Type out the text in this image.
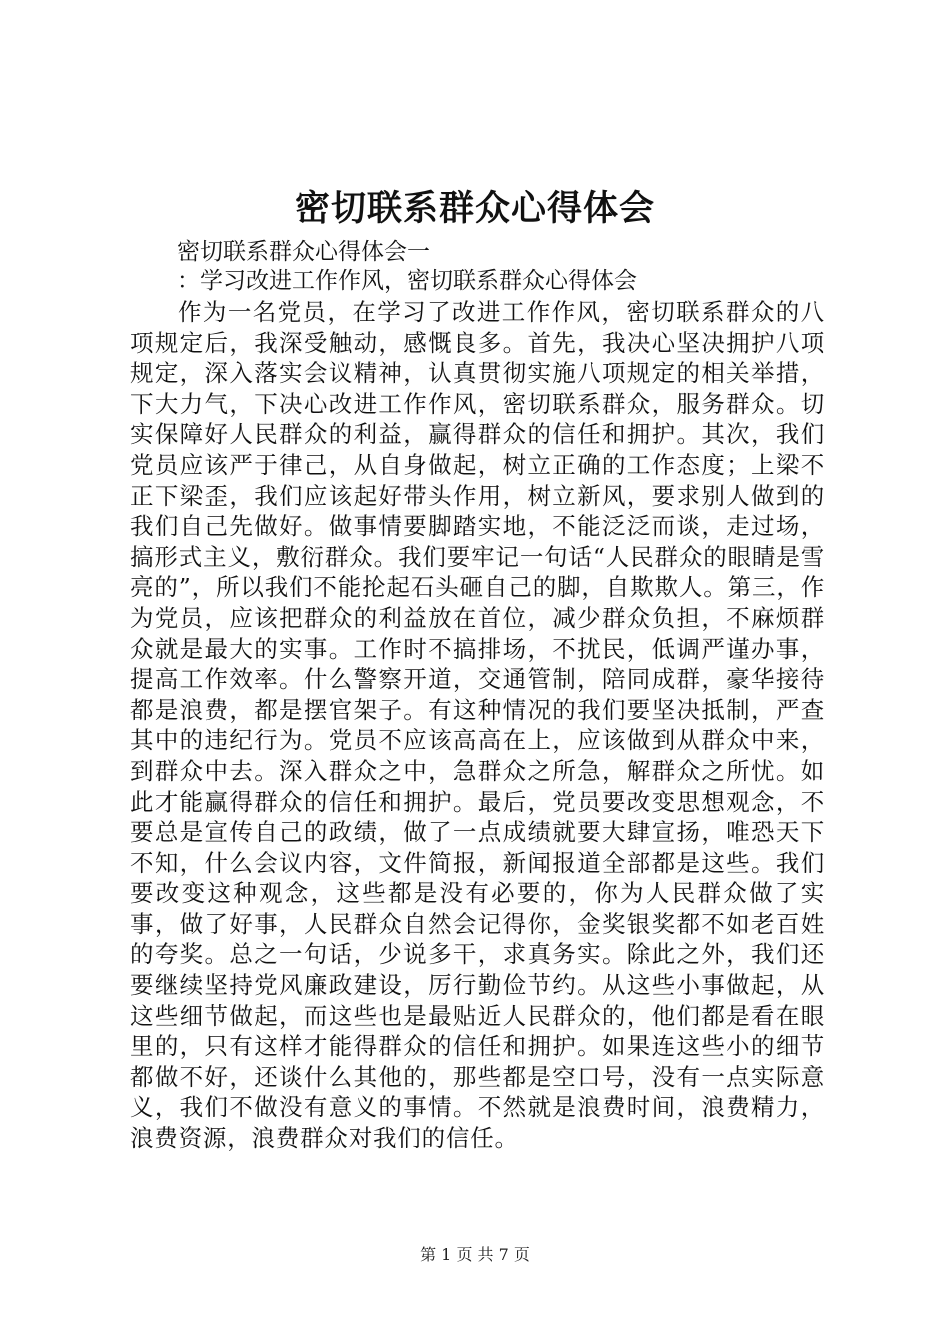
密切联系群众心得体会
密切联系群众心得体会一
：学习改进工作作风，密切联系群众心得体会

作为一名党员，在学习了改进工作作风，密切联系群众的八项规定后，我深受触动，感慨良多。首先，我决心坚决拥护八项规定，深入落实会议精神，认真贯彻实施八项规定的相关举措，下大力气，下决心改进工作作风，密切联系群众，服务群众。切实保障好人民群众的利益，赢得群众的信任和拥护。其次，我们党员应该严于律己，从自身做起，树立正确的工作态度；上梁不正下梁歪，我们应该起好带头作用，树立新风，要求别人做到的我们自己先做好。做事情要脚踏实地，不能泛泛而谈，走过场，搞形式主义，敷衍群众。我们要牢记一句话“人民群众的眼睛是雪亮的”，所以我们不能抡起石头砸自己的脚，自欺欺人。第三，作为党员，应该把群众的利益放在首位，减少群众负担，不麻烦群众就是最大的实事。工作时不搞排场，不扰民，低调严谨办事，提高工作效率。什么警察开道，交通管制，陪同成群，豪华接待都是浪费，都是摆官架子。有这种情况的我们要坚决抵制，严查其中的违纪行为。党员不应该高高在上，应该做到从群众中来，到群众中去。深入群众之中，急群众之所急，解群众之所忧。如此才能赢得群众的信任和拥护。最后，党员要改变思想观念，不要总是宣传自己的政绩，做了一点成绩就要大肆宣扬，唯恐天下不知，什么会议内容，文件简报，新闻报道全部都是这些。我们要改变这种观念，这些都是没有必要的，你为人民群众做了实事，做了好事，人民群众自然会记得你，金奖银奖都不如老百姓的夸奖。总之一句话，少说多干，求真务实。除此之外，我们还要继续坚持党风廉政建设，厉行勤俭节约。从这些小事做起，从这些细节做起，而这些也是最贴近人民群众的，他们都是看在眼里的，只有这样才能得群众的信任和拥护。如果连这些小的细节都做不好，还谈什么其他的，那些都是空口号，没有一点实际意义，我们不做没有意义的事情。不然就是浪费时间，浪费精力，浪费资源，浪费群众对我们的信任。

第 1 页 共 7 页
